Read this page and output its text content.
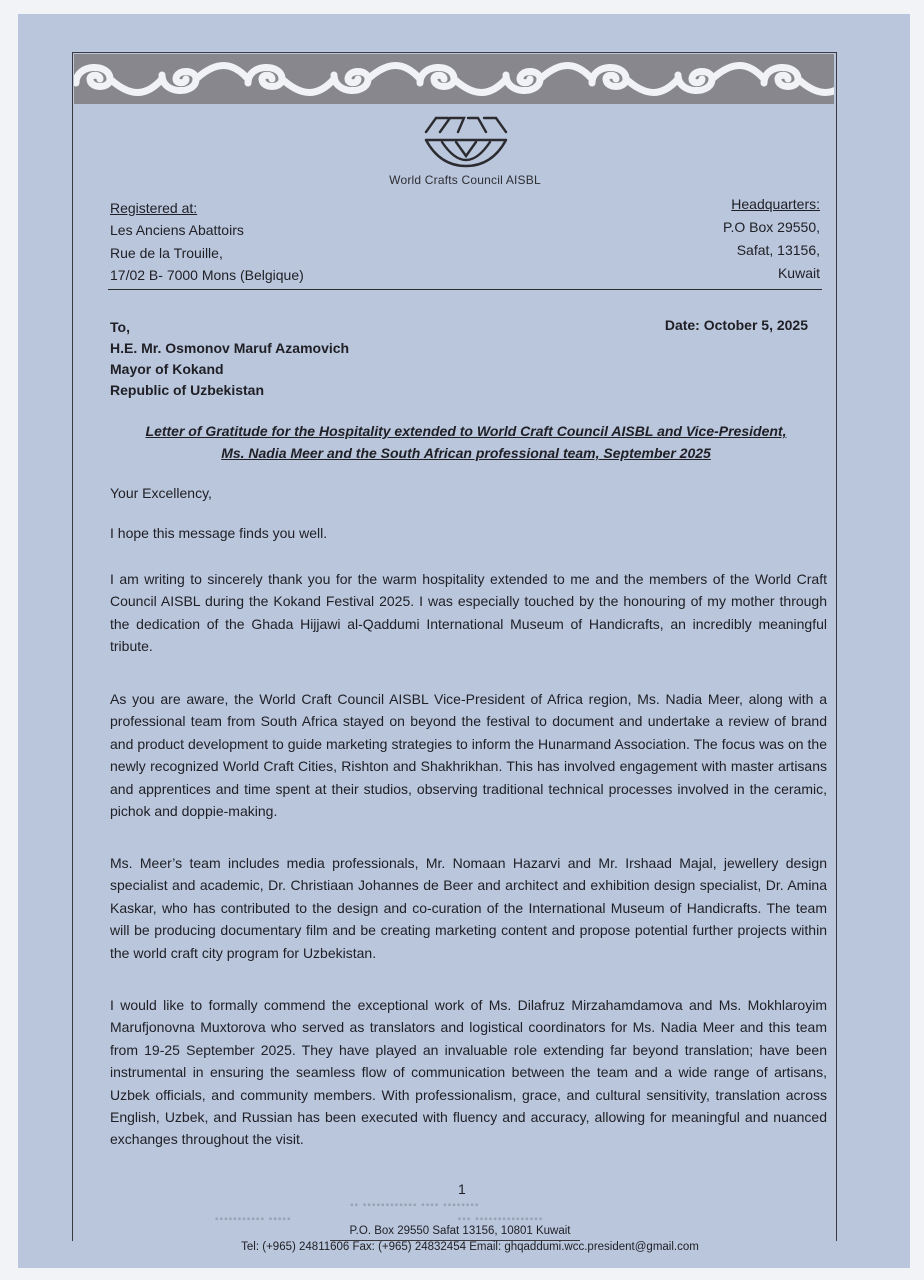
World Crafts Council AISBL
Registered at:
Les Anciens Abattoirs
Rue de la Trouille,
17/02 B- 7000 Mons (Belgique)
Headquarters:
P.O Box 29550,
Safat, 13156,
Kuwait
To,
H.E. Mr. Osmonov Maruf Azamovich
Mayor of Kokand
Republic of Uzbekistan
Date: October 5, 2025
Letter of Gratitude for the Hospitality extended to World Craft Council AISBL and Vice-President,
Ms. Nadia Meer and the South African professional team, September 2025
Your Excellency,
I hope this message finds you well.

I am writing to sincerely thank you for the warm hospitality extended to me and the members of the World Craft Council AISBL during the Kokand Festival 2025. I was especially touched by the honouring of my mother through the dedication of the Ghada Hijjawi al-Qaddumi International Museum of Handicrafts, an incredibly meaningful tribute.

As you are aware, the World Craft Council AISBL Vice-President of Africa region, Ms. Nadia Meer, along with a professional team from South Africa stayed on beyond the festival to document and undertake a review of brand and product development to guide marketing strategies to inform the Hunarmand Association. The focus was on the newly recognized World Craft Cities, Rishton and Shakhrikhan. This has involved engagement with master artisans and apprentices and time spent at their studios, observing traditional technical processes involved in the ceramic, pichok and doppie-making.

Ms. Meer’s team includes media professionals, Mr. Nomaan Hazarvi and Mr. Irshaad Majal, jewellery design specialist and academic, Dr. Christiaan Johannes de Beer and architect and exhibition design specialist, Dr. Amina Kaskar, who has contributed to the design and co-curation of the International Museum of Handicrafts. The team will be producing documentary film and be creating marketing content and propose potential further projects within the world craft city program for Uzbekistan.

I would like to formally commend the exceptional work of Ms. Dilafruz Mirzahamdamova and Ms. Mokhlaroyim Marufjonovna Muxtorova who served as translators and logistical coordinators for Ms. Nadia Meer and this team from 19-25 September 2025. They have played an invaluable role extending far beyond translation; have been instrumental in ensuring the seamless flow of communication between the team and a wide range of artisans, Uzbek officials, and community members. With professionalism, grace, and cultural sensitivity, translation across English, Uzbek, and Russian has been executed with fluency and accuracy, allowing for meaningful and nuanced exchanges throughout the visit.

1
▪▪ ▪▪▪▪▪▪▪▪▪▪▪▪ ▪▪▪▪ ▪▪▪▪▪▪▪▪
▪▪▪▪▪▪▪▪▪▪▪ ▪▪▪▪▪                                            ▪▪▪ ▪▪▪▪▪▪▪▪▪▪▪▪▪▪▪
P.O. Box 29550 Safat 13156, 10801 Kuwait
Tel: (+965) 24811606 Fax: (+965) 24832454 Email: ghqaddumi.wcc.president@gmail.com
